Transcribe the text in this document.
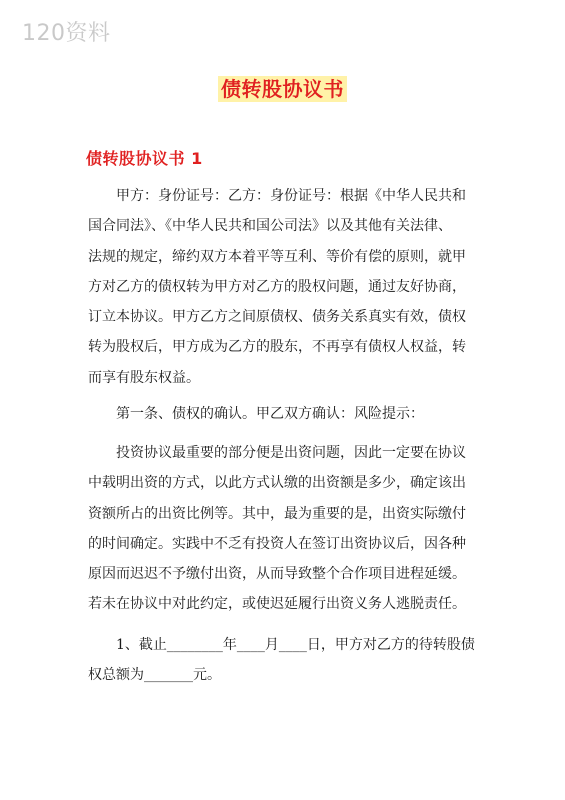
120资料
债转股协议书
债转股协议书 1
甲方：身份证号：乙方：身份证号：根据《中华人民共和
国合同法》、《中华人民共和国公司法》以及其他有关法律、
法规的规定，缔约双方本着平等互利、等价有偿的原则，就甲
方对乙方的债权转为甲方对乙方的股权问题，通过友好协商，
订立本协议。甲方乙方之间原债权、债务关系真实有效，债权
转为股权后，甲方成为乙方的股东，不再享有债权人权益，转
而享有股东权益。
第一条、债权的确认。甲乙双方确认：风险提示：
投资协议最重要的部分便是出资问题，因此一定要在协议
中载明出资的方式，以此方式认缴的出资额是多少，确定该出
资额所占的出资比例等。其中，最为重要的是，出资实际缴付
的时间确定。实践中不乏有投资人在签订出资协议后，因各种
原因而迟迟不予缴付出资，从而导致整个合作项目进程延缓。
若未在协议中对此约定，或使迟延履行出资义务人逃脱责任。
1、截止________年____月____日，甲方对乙方的待转股债
权总额为_______元。
